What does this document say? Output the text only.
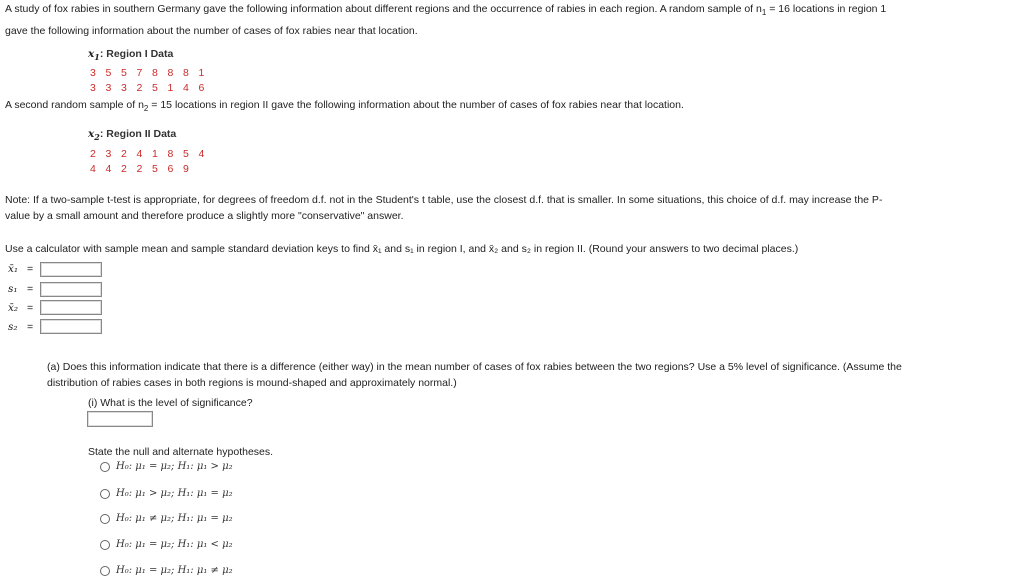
A study of fox rabies in southern Germany gave the following information about different regions and the occurrence of rabies in each region. A random sample of $n_1 = 16$ locations in region 1
gave the following information about the number of cases of fox rabies near that location.
$x_1$: Region I Data
3 5 5 7 8 8 8 1
3 3 3 2 5 1 4 6
A second random sample of $n_2 = 15$ locations in region II gave the following information about the number of cases of fox rabies near that location.
$x_2$: Region II Data
2 3 2 4 1 8 5 4
4 4 2 2 5 6 9
Note: If a two-sample t-test is appropriate, for degrees of freedom d.f. not in the Student's t table, use the closest d.f. that is smaller. In some situations, this choice of d.f. may increase the P-
value by a small amount and therefore produce a slightly more "conservative" answer.
Use a calculator with sample mean and sample standard deviation keys to find x̄₁ and s₁ in region I, and x̄₂ and s₂ in region II. (Round your answers to two decimal places.)
x̄₁ =
s₁ =
x̄₂ =
s₂ =
(a) Does this information indicate that there is a difference (either way) in the mean number of cases of fox rabies between the two regions? Use a 5% level of significance. (Assume the
distribution of rabies cases in both regions is mound-shaped and approximately normal.)
(i) What is the level of significance?
State the null and alternate hypotheses.
H₀: μ₁ = μ₂; H₁: μ₁ > μ₂
H₀: μ₁ > μ₂; H₁: μ₁ = μ₂
H₀: μ₁ ≠ μ₂; H₁: μ₁ = μ₂
H₀: μ₁ = μ₂; H₁: μ₁ < μ₂
H₀: μ₁ = μ₂; H₁: μ₁ ≠ μ₂
